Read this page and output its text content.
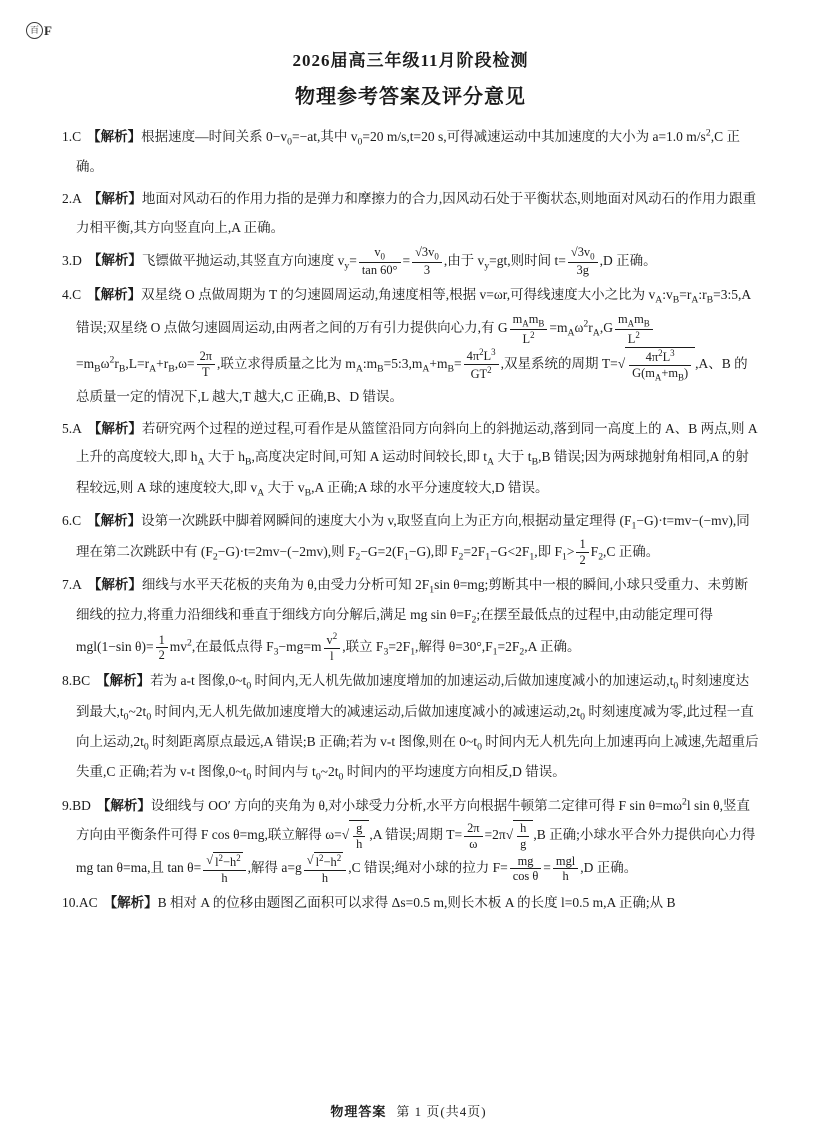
百 F
2026届高三年级11月阶段检测
物理参考答案及评分意见

1.C 【解析】根据速度—时间关系 $0-v_0=-at$,其中 $v_0=20$ m/s,t=20 s,可得减速运动中其加速度的大小为 a=1.0 $m/s^2,C$ 正确。

2.A 【解析】地面对风动石的作用力指的是弹力和摩擦力的合力,因风动石处于平衡状态,则地面对风动石的作用力跟重力相平衡,其方向竖直向上,A 正确。

3.D 【解析】飞镖做平抛运动,其竖直方向速度 $v_y= \frac{v_0}{\tan 60^\circ} = \frac{√3v_0}{3}$ ,由于 $v_y=gt$,则时间 $t= \frac{√3v_0}{3g} ,D$ 正确。

4.C 【解析】双星绕 O 点做周期为 T 的匀速圆周运动,角速度相等,根据 v=ωr,可得线速度大小之比为 $v_A:v_B=r_A:r_B=3:5,A$ 错误;双星绕 O 点做匀速圆周运动,由两者之间的万有引力提供向心力,有 G
$m_Am_B$
$L^2$	$=m_A\omega^2r_A,G$
$m_Am_B$
$L^2$
$=m_B\omega^2r_B,L=r_A+r_B,\omega= \frac{2\pi}{T}$ ,联立求得质量之比为 $m_A:m_B=5:3,m_A+m_B= \frac{4\pi^2L^3}{GT^2}$ ,双星系统的周期 $T=√ \frac{4\pi^2L^3}{G(m_A+m_B)} ,A$、B 的总质量一定的情况下,L 越大,T 越大,C 正确,B、D 错误。

5.A 【解析】若研究两个过程的逆过程,可看作是从篮筐沿同方向斜向上的斜抛运动,落到同一高度上的 A、B 两点,则 A 上升的高度较大,即 $h_A$ 大于 $h_B$,高度决定时间,可知 A 运动时间较长,即 $t_A$ 大于 $t_B,B$ 错误;因为两球抛射角相同,A 的射程较远,则 A 球的速度较大,即 $v_A$ 大于 $v_B,A$ 正确;A 球的水平分速度较大,D 错误。

6.C 【解析】设第一次跳跃中脚着网瞬间的速度大小为 v,取竖直向上为正方向,根据动量定理得 $(F_1-G)\cdot t=mv-(-mv)$,同理在第二次跳跃中有 $(F_2-G)\cdot t=2mv-(-2mv)$,则 $F_2-G=2(F_1-G)$,即 $F_2=2F_1-G<2F_1$,即 $F_1> \frac{1}{2} F_2,C$ 正确。

7.A 【解析】细线与水平天花板的夹角为 θ,由受力分析可知 $2F_1\sin$ θ=mg;剪断其中一根的瞬间,小球只受重力、未剪断细线的拉力,将重力沿细线和垂直于细线方向分解后,满足 mg $\sin \theta=F_2$;在摆至最低点的过程中,由动能定理可得 mgl(1−sin $\theta)= \frac{1}{2} mv^2$,在最低点得 $F_3-mg=m \frac{v^2}{l}$ ,联立 $F_3=2F_1$,解得 $\theta=30^\circ,F_1=2F_2,A$ 正确。

8.BC 【解析】若为 a-t 图像$,0\sim t_0$ 时间内,无人机先做加速度增加的加速运动,后做加速度减小的加速运动$,t_0$ 时刻速度达到最大$,t_0\sim 2t_0$ 时间内,无人机先做加速度增大的减速运动,后做加速度减小的减速运动$,2t_0$ 时刻速度减为零,此过程一直向上运动$,2t_0$ 时刻距离原点最远,A 错误;B 正确;若为 v-t 图像,则在 $0\sim t_0$ 时间内无人机先向上加速再向上减速,先超重后失重,C 正确;若为 v-t 图像$,0\sim t_0$ 时间内与 $t_0\sim 2t_0$ 时间内的平均速度方向相反,D 错误。

9.BD 【解析】设细线与 OO′ 方向的夹角为 θ,对小球受力分析,水平方向根据牛顿第二定律可得 F $\sin \theta=m\omega^2l$ sin θ,竖直方向由平衡条件可得 F cos θ=mg,联立解得 $\omega=√ \frac{g}{h} ,A$ 错误;周期 $T= \frac{2\pi}{\omega} =2\pi√ \frac{h}{g} ,B$ 正确;小球水平合外力提供向心力得 mg tan θ=ma,且 $\tan \theta= \frac{√ l^2-h^2}{h}$ ,解得 $a=g \frac{√ l^2-h^2}{h} ,C$ 错误;绳对小球的拉力 $F= \frac{mg}{\text{cos θ}}$ = mgl
h
,D 正确。

10.AC 【解析】B 相对 A 的位移由题图乙面积可以求得 Δs=0.5 m,则长木板 A 的长度 l=0.5 m,A 正确;从 B

物理答案 第 1 页(共4页)
